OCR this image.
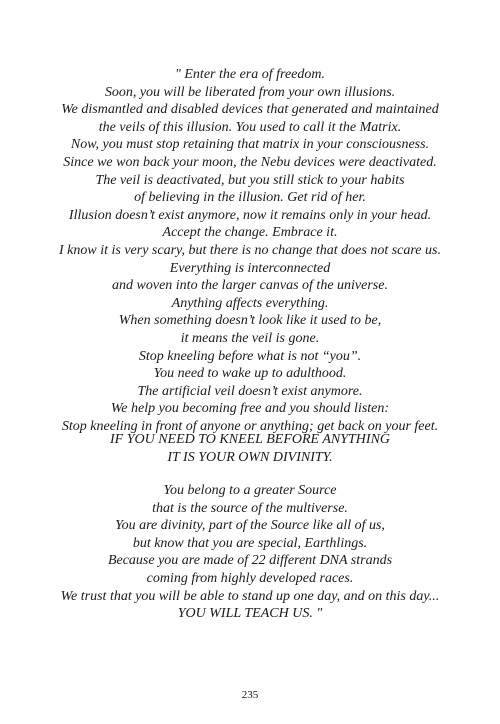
" Enter the era of freedom.
Soon, you will be liberated from your own illusions.
We dismantled and disabled devices that generated and maintained
the veils of this illusion. You used to call it the Matrix.
Now, you must stop retaining that matrix in your consciousness.
Since we won back your moon, the Nebu devices were deactivated.
The veil is deactivated, but you still stick to your habits
of believing in the illusion. Get rid of her.
Illusion doesn’t exist anymore, now it remains only in your head.
Accept the change. Embrace it.
I know it is very scary, but there is no change that does not scare us.
Everything is interconnected
and woven into the larger canvas of the universe.
Anything affects everything.
When something doesn’t look like it used to be,
it means the veil is gone.
Stop kneeling before what is not “you”.
You need to wake up to adulthood.
The artificial veil doesn’t exist anymore.
We help you becoming free and you should listen:
Stop kneeling in front of anyone or anything; get back on your feet.
IF YOU NEED TO KNEEL BEFORE ANYTHING
IT IS YOUR OWN DIVINITY.
You belong to a greater Source
that is the source of the multiverse.
You are divinity, part of the Source like all of us,
but know that you are special, Earthlings.
Because you are made of 22 different DNA strands
coming from highly developed races.
We trust that you will be able to stand up one day, and on this day...
YOU WILL TEACH US. "
235
